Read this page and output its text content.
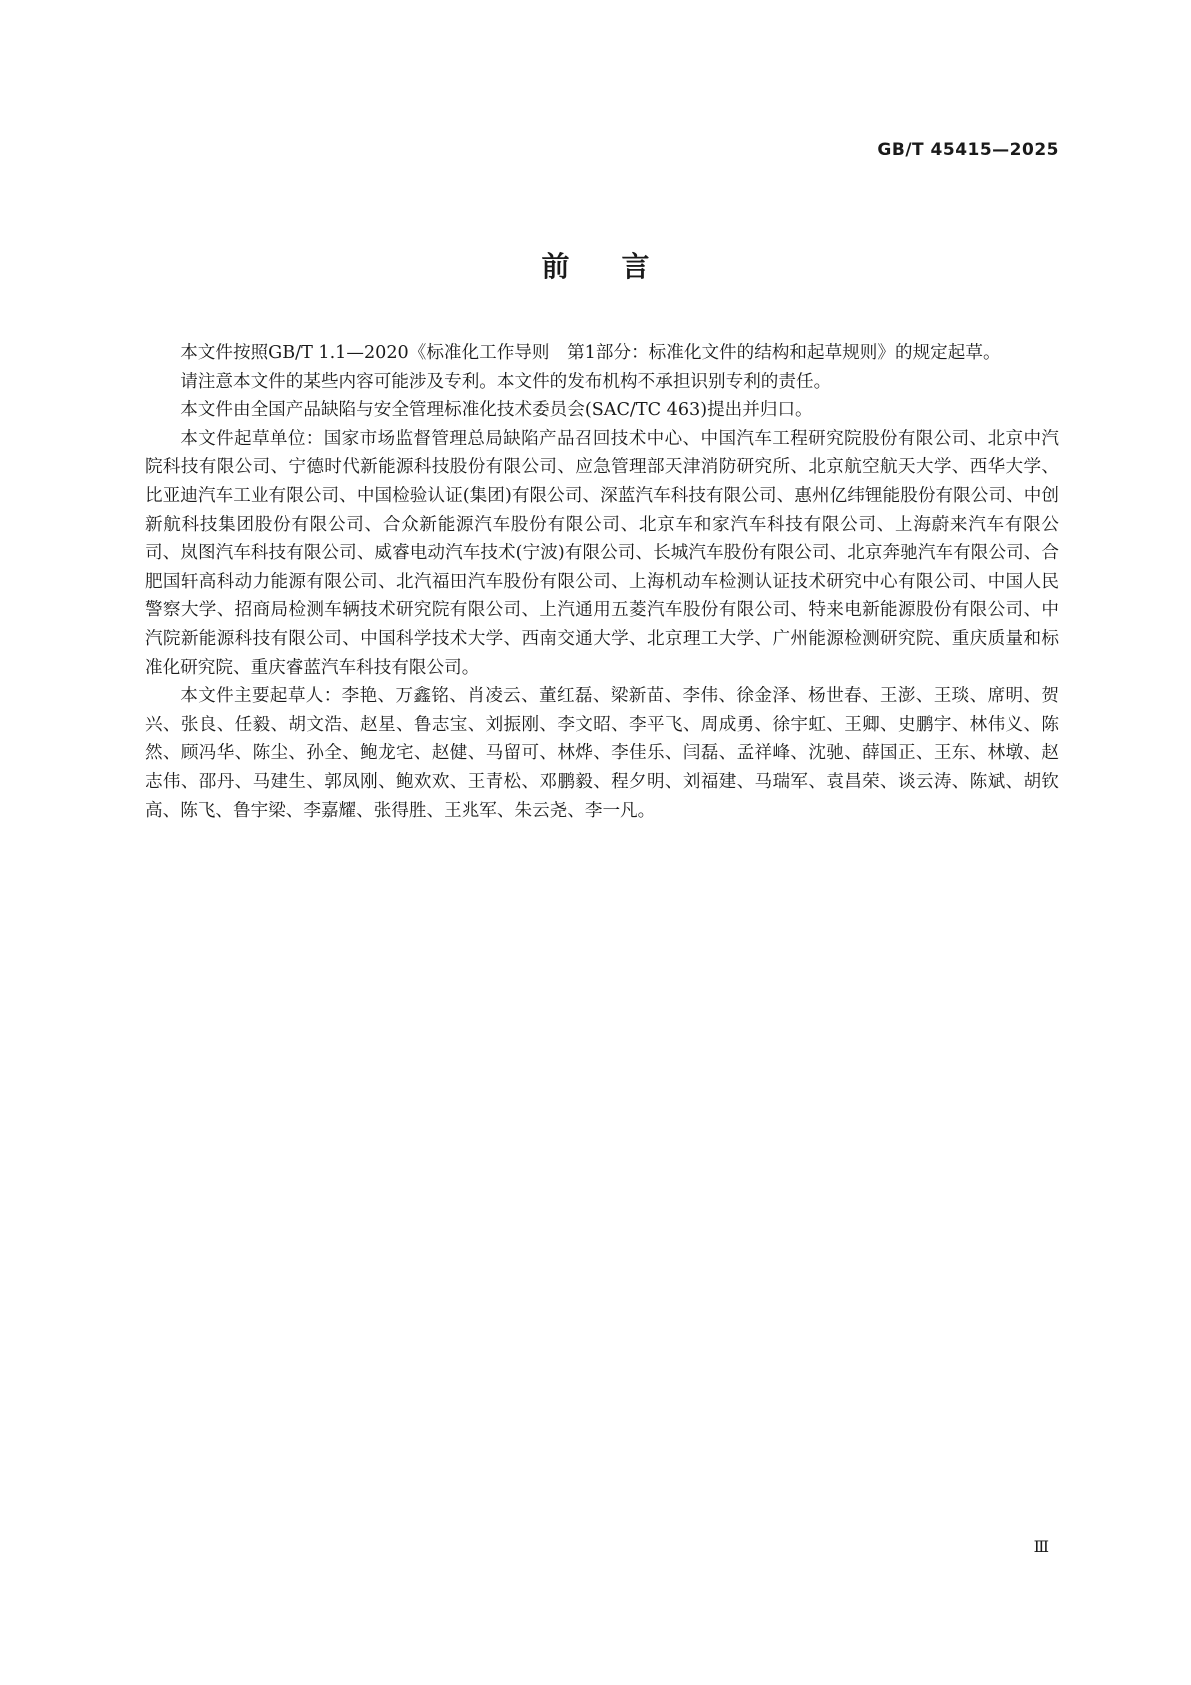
GB/T 45415—2025
前言

本文件按照GB/T 1.1—2020《标准化工作导则　第1部分：标准化文件的结构和起草规则》的规定起草。

请注意本文件的某些内容可能涉及专利。本文件的发布机构不承担识别专利的责任。

本文件由全国产品缺陷与安全管理标准化技术委员会(SAC/TC 463)提出并归口。

本文件起草单位：国家市场监督管理总局缺陷产品召回技术中心、中国汽车工程研究院股份有限公司、北京中汽院科技有限公司、宁德时代新能源科技股份有限公司、应急管理部天津消防研究所、北京航空航天大学、西华大学、比亚迪汽车工业有限公司、中国检验认证(集团)有限公司、深蓝汽车科技有限公司、惠州亿纬锂能股份有限公司、中创新航科技集团股份有限公司、合众新能源汽车股份有限公司、北京车和家汽车科技有限公司、上海蔚来汽车有限公司、岚图汽车科技有限公司、威睿电动汽车技术(宁波)有限公司、长城汽车股份有限公司、北京奔驰汽车有限公司、合肥国轩高科动力能源有限公司、北汽福田汽车股份有限公司、上海机动车检测认证技术研究中心有限公司、中国人民警察大学、招商局检测车辆技术研究院有限公司、上汽通用五菱汽车股份有限公司、特来电新能源股份有限公司、中汽院新能源科技有限公司、中国科学技术大学、西南交通大学、北京理工大学、广州能源检测研究院、重庆质量和标准化研究院、重庆睿蓝汽车科技有限公司。

本文件主要起草人：李艳、万鑫铭、肖凌云、董红磊、梁新苗、李伟、徐金泽、杨世春、王澎、王琰、席明、贺兴、张良、任毅、胡文浩、赵星、鲁志宝、刘振刚、李文昭、李平飞、周成勇、徐宇虹、王卿、史鹏宇、林伟义、陈然、顾冯华、陈尘、孙全、鲍龙宅、赵健、马留可、林烨、李佳乐、闫磊、孟祥峰、沈驰、薛国正、王东、林墩、赵志伟、邵丹、马建生、郭凤刚、鲍欢欢、王青松、邓鹏毅、程夕明、刘福建、马瑞军、袁昌荣、谈云涛、陈斌、胡钦高、陈飞、鲁宇梁、李嘉耀、张得胜、王兆军、朱云尧、李一凡。

Ⅲ
